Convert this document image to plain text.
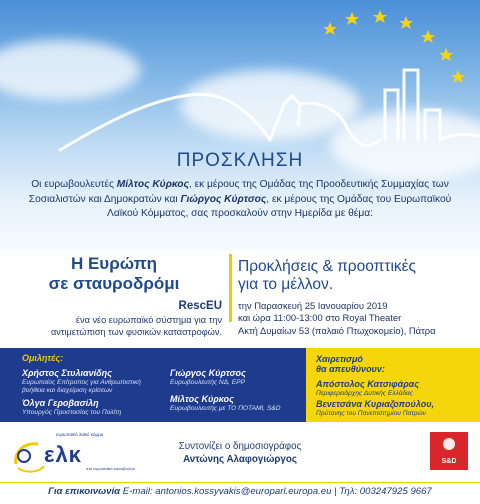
ΠΡΟΣΚΛΗΣΗ
Οι ευρωβουλευτές Μίλτος Κύρκος, εκ μέρους της Ομάδας της Προοδευτικής Συμμαχίας των Σοσιαλιστών και Δημοκρατών και Γιώργος Κύρτσος, εκ μέρους της Ομάδας του Ευρωπαϊκού Λαϊκού Κόμματος, σας προσκαλούν στην Ημερίδα με θέμα:
Η Ευρώπη
σε σταυροδρόμι
RescEU
ένα νέο ευρωπαϊκό σύστημα για την
αντιμετώπιση των φυσικών καταστροφών.
Προκλήσεις & προοπτικές
για το μέλλον.
την Παρασκευή 25 Ιανουαρίου 2019
και ώρα 11:00-13:00 στο Royal Theater
Ακτή Δυμαίων 53 (παλαιό Πτωχοκομείο), Πάτρα
Ομιλητές:
Χρήστος Στυλιανίδης
Ευρωπαίος Επίτροπος για Ανθρωπιστική
βοήθεια και διαχείριση κρίσεων
Όλγα Γεροβασίλη
Υπουργός Προστασίας του Πολίτη
Γιώργος Κύρτσος
Ευρωβουλευτής ΝΔ, EPP
Μίλτος Κύρκος
Ευρωβουλευτής με ΤΟ ΠΟΤΑΜΙ, S&D
Χαιρετισμό
θα απευθύνουν:
Απόστολος Κατσιφάρας
Περιφερειάρχης Δυτικής Ελλάδας
Βενετσάνα Κυριαζοπούλου,
Πρύτανης του Πανεπιστημίου Πατρών
ευρωπαϊκό λαϊκό κόμμα
ελκ
στο ευρωπαϊκό κοινοβούλιο
Συντονίζει ο δημοσιογράφος
Αντώνης Αλαφογιώργος	S&D
Για επικοινωνία E-mail: antonios.kossyvakis@europarl.europa.eu | Τηλ: 003247925 9667
